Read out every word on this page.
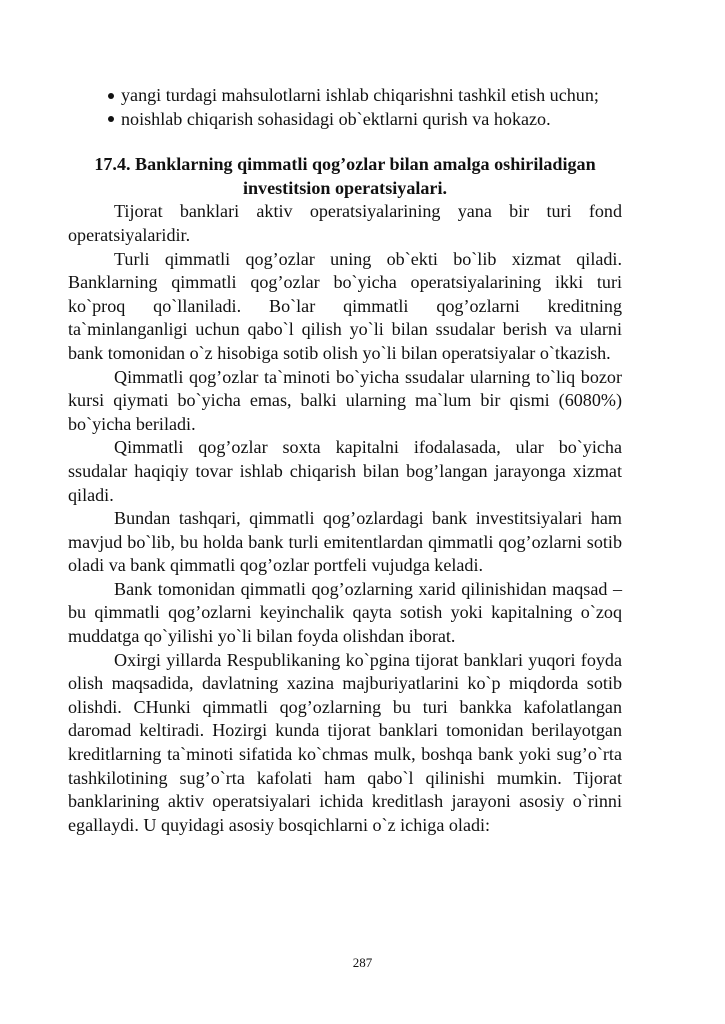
yangi turdagi mahsulotlarni ishlab chiqarishni tashkil etish uchun;
noishlab chiqarish sohasidagi ob`ektlarni qurish va hokazo.
17.4. Banklarning qimmatli qog’ozlar bilan amalga oshiriladigan investitsion operatsiyalari.

Tijorat banklari aktiv operatsiyalarining yana bir turi fond operatsiyalaridir.

Turli qimmatli qog’ozlar uning ob`ekti bo`lib xizmat qiladi. Banklarning qimmatli qog’ozlar bo`yicha operatsiyalarining ikki turi ko`proq qo`llaniladi. Bo`lar qimmatli qog’ozlarni kreditning ta`minlanganligi uchun qabo`l qilish yo`li bilan ssudalar berish va ularni bank tomonidan o`z hisobiga sotib olish yo`li bilan operatsiyalar o`tkazish.

Qimmatli qog’ozlar ta`minoti bo`yicha ssudalar ularning to`liq bozor kursi qiymati bo`yicha emas, balki ularning ma`lum bir qismi (6080%) bo`yicha beriladi.

Qimmatli qog’ozlar soxta kapitalni ifodalasada, ular bo`yicha ssudalar haqiqiy tovar ishlab chiqarish bilan bog’langan jarayonga xizmat qiladi.

Bundan tashqari, qimmatli qog’ozlardagi bank investitsiyalari ham mavjud bo`lib, bu holda bank turli emitentlardan qimmatli qog’ozlarni sotib oladi va bank qimmatli qog’ozlar portfeli vujudga keladi.

Bank tomonidan qimmatli qog’ozlarning xarid qilinishidan maqsad – bu qimmatli qog’ozlarni keyinchalik qayta sotish yoki kapitalning o`zoq muddatga qo`yilishi yo`li bilan foyda olishdan iborat.

Oxirgi yillarda Respublikaning ko`pgina tijorat banklari yuqori foyda olish maqsadida, davlatning xazina majburiyatlarini ko`p miqdorda sotib olishdi. CHunki qimmatli qog’ozlarning bu turi bankka kafolatlangan daromad keltiradi. Hozirgi kunda tijorat banklari tomonidan berilayotgan kreditlarning ta`minoti sifatida ko`chmas mulk, boshqa bank yoki sug’o`rta tashkilotining sug’o`rta kafolati ham qabo`l qilinishi mumkin. Tijorat banklarining aktiv operatsiyalari ichida kreditlash jarayoni asosiy o`rinni egallaydi. U quyidagi asosiy bosqichlarni o`z ichiga oladi:

287
